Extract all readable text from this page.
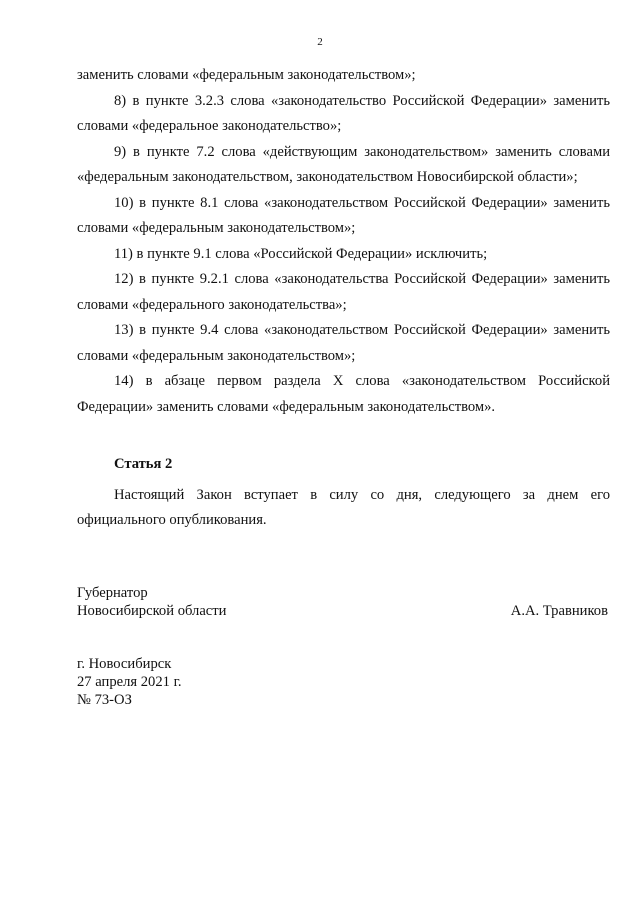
2

заменить словами «федеральным законодательством»;

8) в пункте 3.2.3 слова «законодательство Российской Федерации» заменить словами «федеральное законодательство»;

9) в пункте 7.2 слова «действующим законодательством» заменить словами «федеральным законодательством, законодательством Новосибирской области»;

10) в пункте 8.1 слова «законодательством Российской Федерации» заменить словами «федеральным законодательством»;

11) в пункте 9.1 слова «Российской Федерации» исключить;

12) в пункте 9.2.1 слова «законодательства Российской Федерации» заменить словами «федерального законодательства»;

13) в пункте 9.4 слова «законодательством Российской Федерации» заменить словами «федеральным законодательством»;

14) в абзаце первом раздела X слова «законодательством Российской Федерации» заменить словами «федеральным законодательством».

Статья 2

Настоящий Закон вступает в силу со дня, следующего за днем его официального опубликования.

Губернатор
Новосибирской области	А.А. Травников
г. Новосибирск
27 апреля 2021 г.
№ 73-ОЗ
